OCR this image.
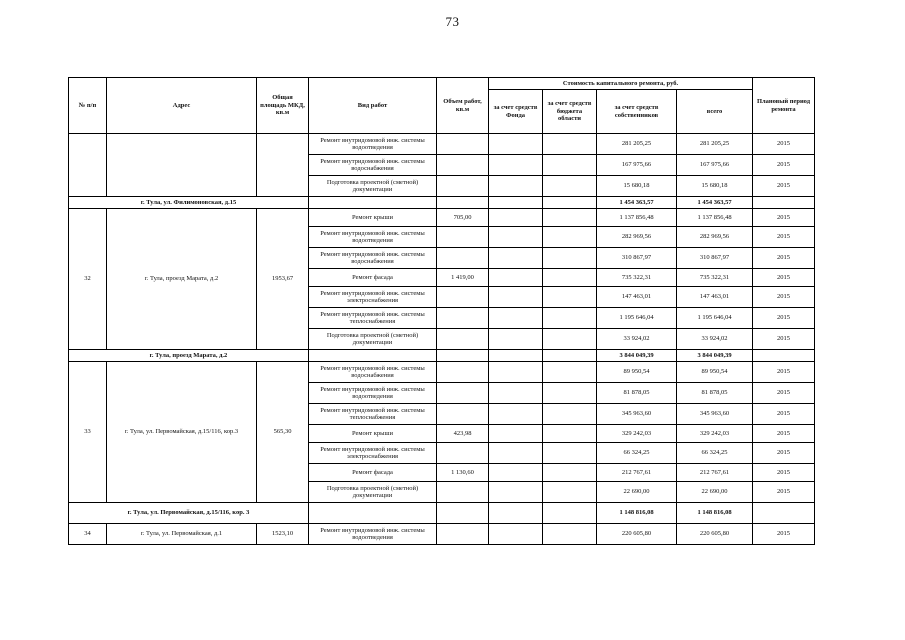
73
№ п/п	Адрес	Общая площадь МКД, кв.м	Вид работ	Объем работ, кв.м	Стоимость капитального ремонта, руб.				Плановый период ремонта
					за счет средств Фонда	за счет средств бюджета области	за счет средств собственников	всего	
			Ремонт внутридомовой инж. системы водоотведения				281 205,25	281 205,25	2015
			Ремонт внутридомовой инж. системы водоснабжения				167 975,66	167 975,66	2015
			Подготовка проектной (сметной) документации				15 680,18	15 680,18	2015
г. Тула, ул. Филимоновская, д.15							1 454 363,57	1 454 363,57	
32	г. Тула, проезд Марата, д.2	1953,67	Ремонт крыши	705,00			1 137 856,48	1 137 856,48	2015
			Ремонт внутридомовой инж. системы водоотведения				282 969,56	282 969,56	2015
			Ремонт внутридомовой инж. системы водоснабжения				310 867,97	310 867,97	2015
			Ремонт фасада	1 419,00			735 322,31	735 322,31	2015
			Ремонт внутридомовой инж. системы электроснабжения				147 463,01	147 463,01	2015
			Ремонт внутридомовой инж. системы теплоснабжения				1 195 646,04	1 195 646,04	2015
			Подготовка проектной (сметной) документации				33 924,02	33 924,02	2015
г. Тула, проезд Марата, д.2							3 844 049,39	3 844 049,39	
33	г. Тула, ул. Первомайская, д.15/116, кор.3	565,30	Ремонт внутридомовой инж. системы водоснабжения				89 950,54	89 950,54	2015
			Ремонт внутридомовой инж. системы водоотведения				81 878,05	81 878,05	2015
			Ремонт внутридомовой инж. системы теплоснабжения				345 963,60	345 963,60	2015
			Ремонт крыши	423,98			329 242,03	329 242,03	2015
			Ремонт внутридомовой инж. системы электроснабжения				66 324,25	66 324,25	2015
			Ремонт фасада	1 130,60			212 767,61	212 767,61	2015
			Подготовка проектной (сметной) документации				22 690,00	22 690,00	2015
г. Тула, ул. Первомайская, д.15/116, кор. 3							1 148 816,08	1 148 816,08	
34	г. Тула, ул. Первомайская, д.1	1523,10	Ремонт внутридомовой инж. системы водоотведения				220 605,80	220 605,80	2015
